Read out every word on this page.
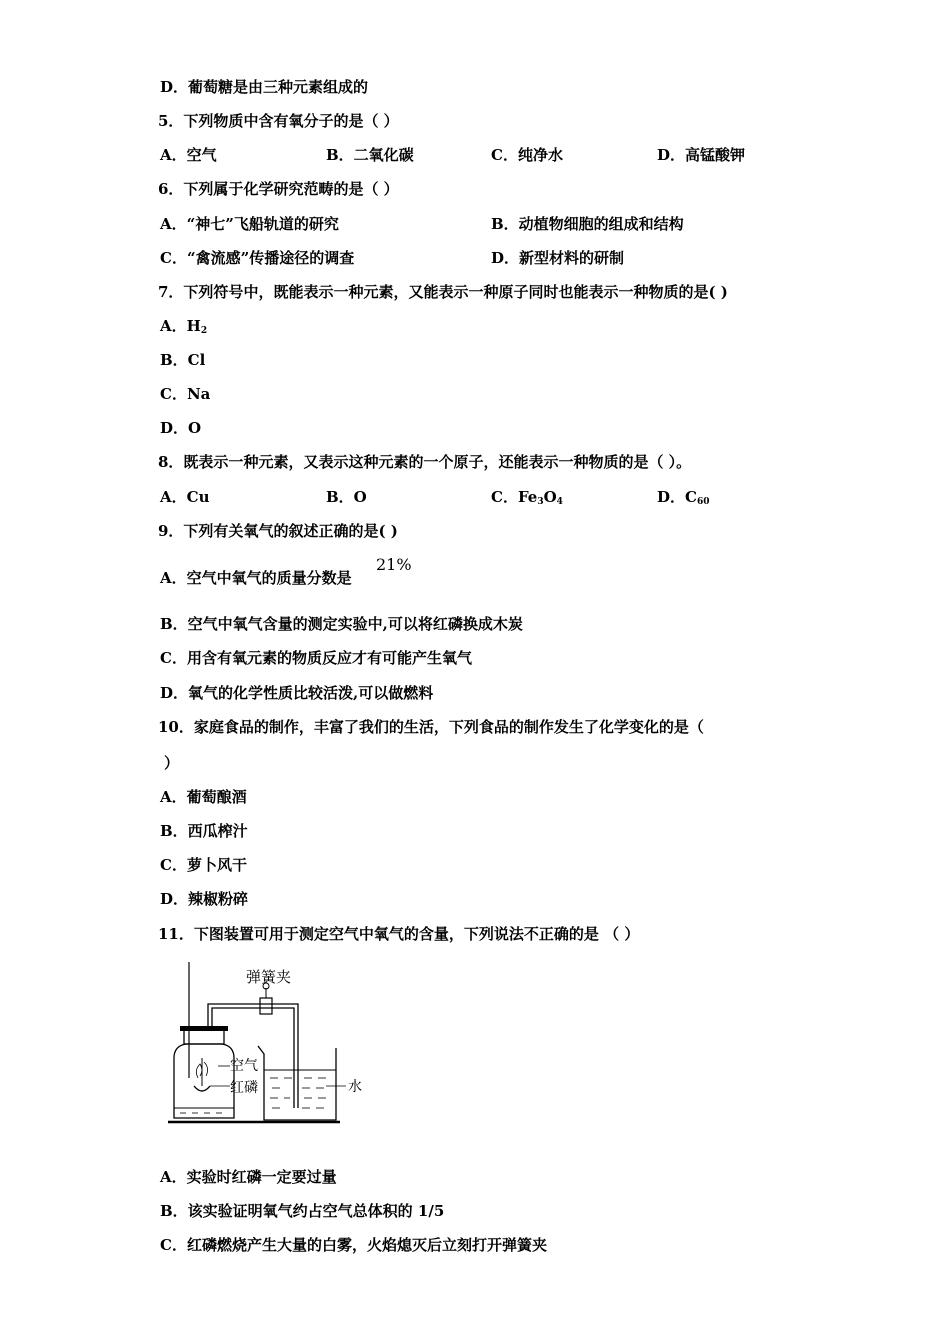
D．葡萄糖是由三种元素组成的
5．下列物质中含有氧分子的是（ ）
A．空气	B．二氧化碳	C．纯净水	D．高锰酸钾
6．下列属于化学研究范畴的是（ ）
A．“神七”飞船轨道的研究	B．动植物细胞的组成和结构
C．“禽流感”传播途径的调查	D．新型材料的研制
7．下列符号中，既能表示一种元素，又能表示一种原子同时也能表示一种物质的是( )
A．$H_2$
B．Cl
C．Na
D．O
8．既表示一种元素，又表示这种元素的一个原子，还能表示一种物质的是（ ）。
A．Cu	B．O	C．$Fe_3O_4$	D．$C_{60}$
9．下列有关氧气的叙述正确的是( )
A．空气中氧气的质量分数是
21%
B．空气中氧气含量的测定实验中,可以将红磷换成木炭
C．用含有氧元素的物质反应才有可能产生氧气
D．氧气的化学性质比较活泼,可以做燃料
10．家庭食品的制作，丰富了我们的生活，下列食品的制作发生了化学变化的是（
）
A．葡萄酿酒
B．西瓜榨汁
C．萝卜风干
D．辣椒粉碎
11．下图装置可用于测定空气中氧气的含量，下列说法不正确的是 （ ）
弹簧夹
空气
红磷	水
A．实验时红磷一定要过量
B．该实验证明氧气约占空气总体积的 1/5
C．红磷燃烧产生大量的白雾，火焰熄灭后立刻打开弹簧夹
